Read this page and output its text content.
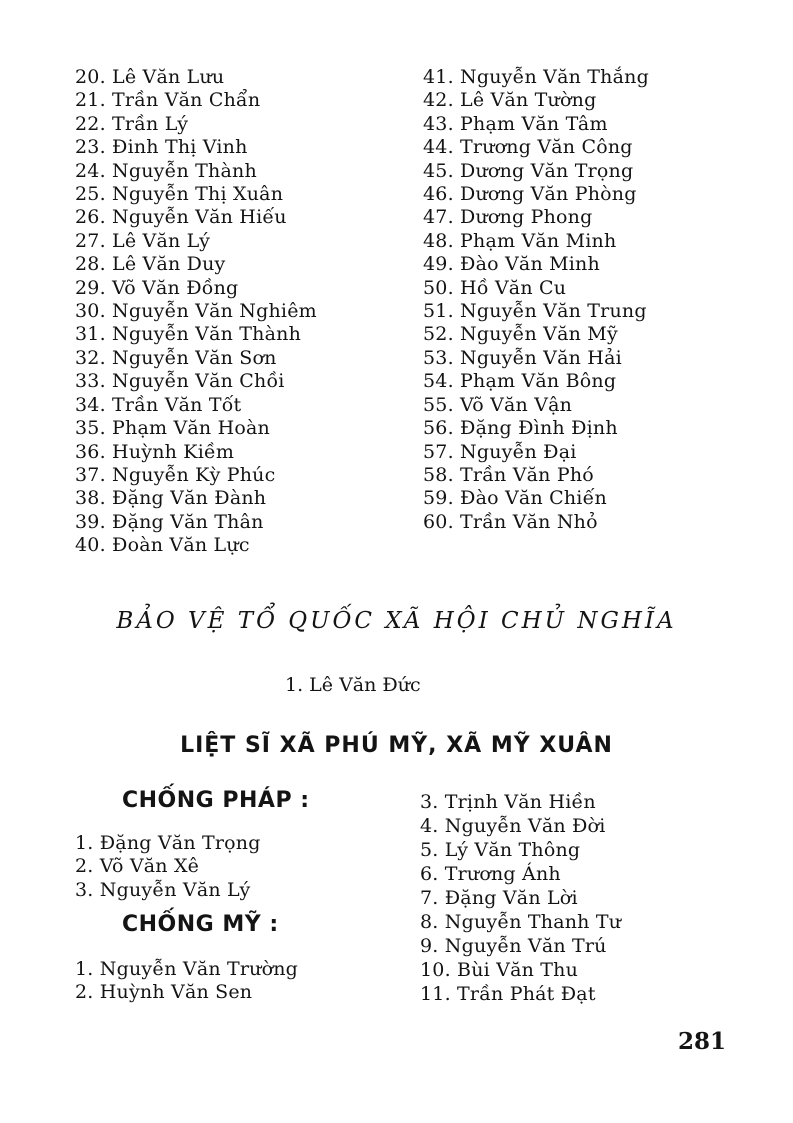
20. Lê Văn Lưu
21. Trần Văn Chẩn
22. Trần Lý
23. Đinh Thị Vinh
24. Nguyễn Thành
25. Nguyễn Thị Xuân
26. Nguyễn Văn Hiếu
27. Lê Văn Lý
28. Lê Văn Duy
29. Võ Văn Đồng
30. Nguyễn Văn Nghiêm
31. Nguyễn Văn Thành
32. Nguyễn Văn Sơn
33. Nguyễn Văn Chồi
34. Trần Văn Tốt
35. Phạm Văn Hoàn
36. Huỳnh Kiềm
37. Nguyễn Kỳ Phúc
38. Đặng Văn Đành
39. Đặng Văn Thân
40. Đoàn Văn Lực
41. Nguyễn Văn Thắng
42. Lê Văn Tường
43. Phạm Văn Tâm
44. Trương Văn Công
45. Dương Văn Trọng
46. Dương Văn Phòng
47. Dương Phong
48. Phạm Văn Minh
49. Đào Văn Minh
50. Hồ Văn Cu
51. Nguyễn Văn Trung
52. Nguyễn Văn Mỹ
53. Nguyễn Văn Hải
54. Phạm Văn Bông
55. Võ Văn Vận
56. Đặng Đình Định
57. Nguyễn Đại
58. Trần Văn Phó
59. Đào Văn Chiến
60. Trần Văn Nhỏ
BẢO VỆ TỔ QUỐC XÃ HỘI CHỦ NGHĨA

1. Lê Văn Đức

LIỆT SĨ XÃ PHÚ MỸ, XÃ MỸ XUÂN
CHỐNG PHÁP :
1. Đặng Văn Trọng
2. Võ Văn Xê
3. Nguyễn Văn Lý
CHỐNG MỸ :
1. Nguyễn Văn Trường
2. Huỳnh Văn Sen
3. Trịnh Văn Hiền
4. Nguyễn Văn Đời
5. Lý Văn Thông
6. Trương Ánh
7. Đặng Văn Lời
8. Nguyễn Thanh Tư
9. Nguyễn Văn Trú
10. Bùi Văn Thu
11. Trần Phát Đạt

281
